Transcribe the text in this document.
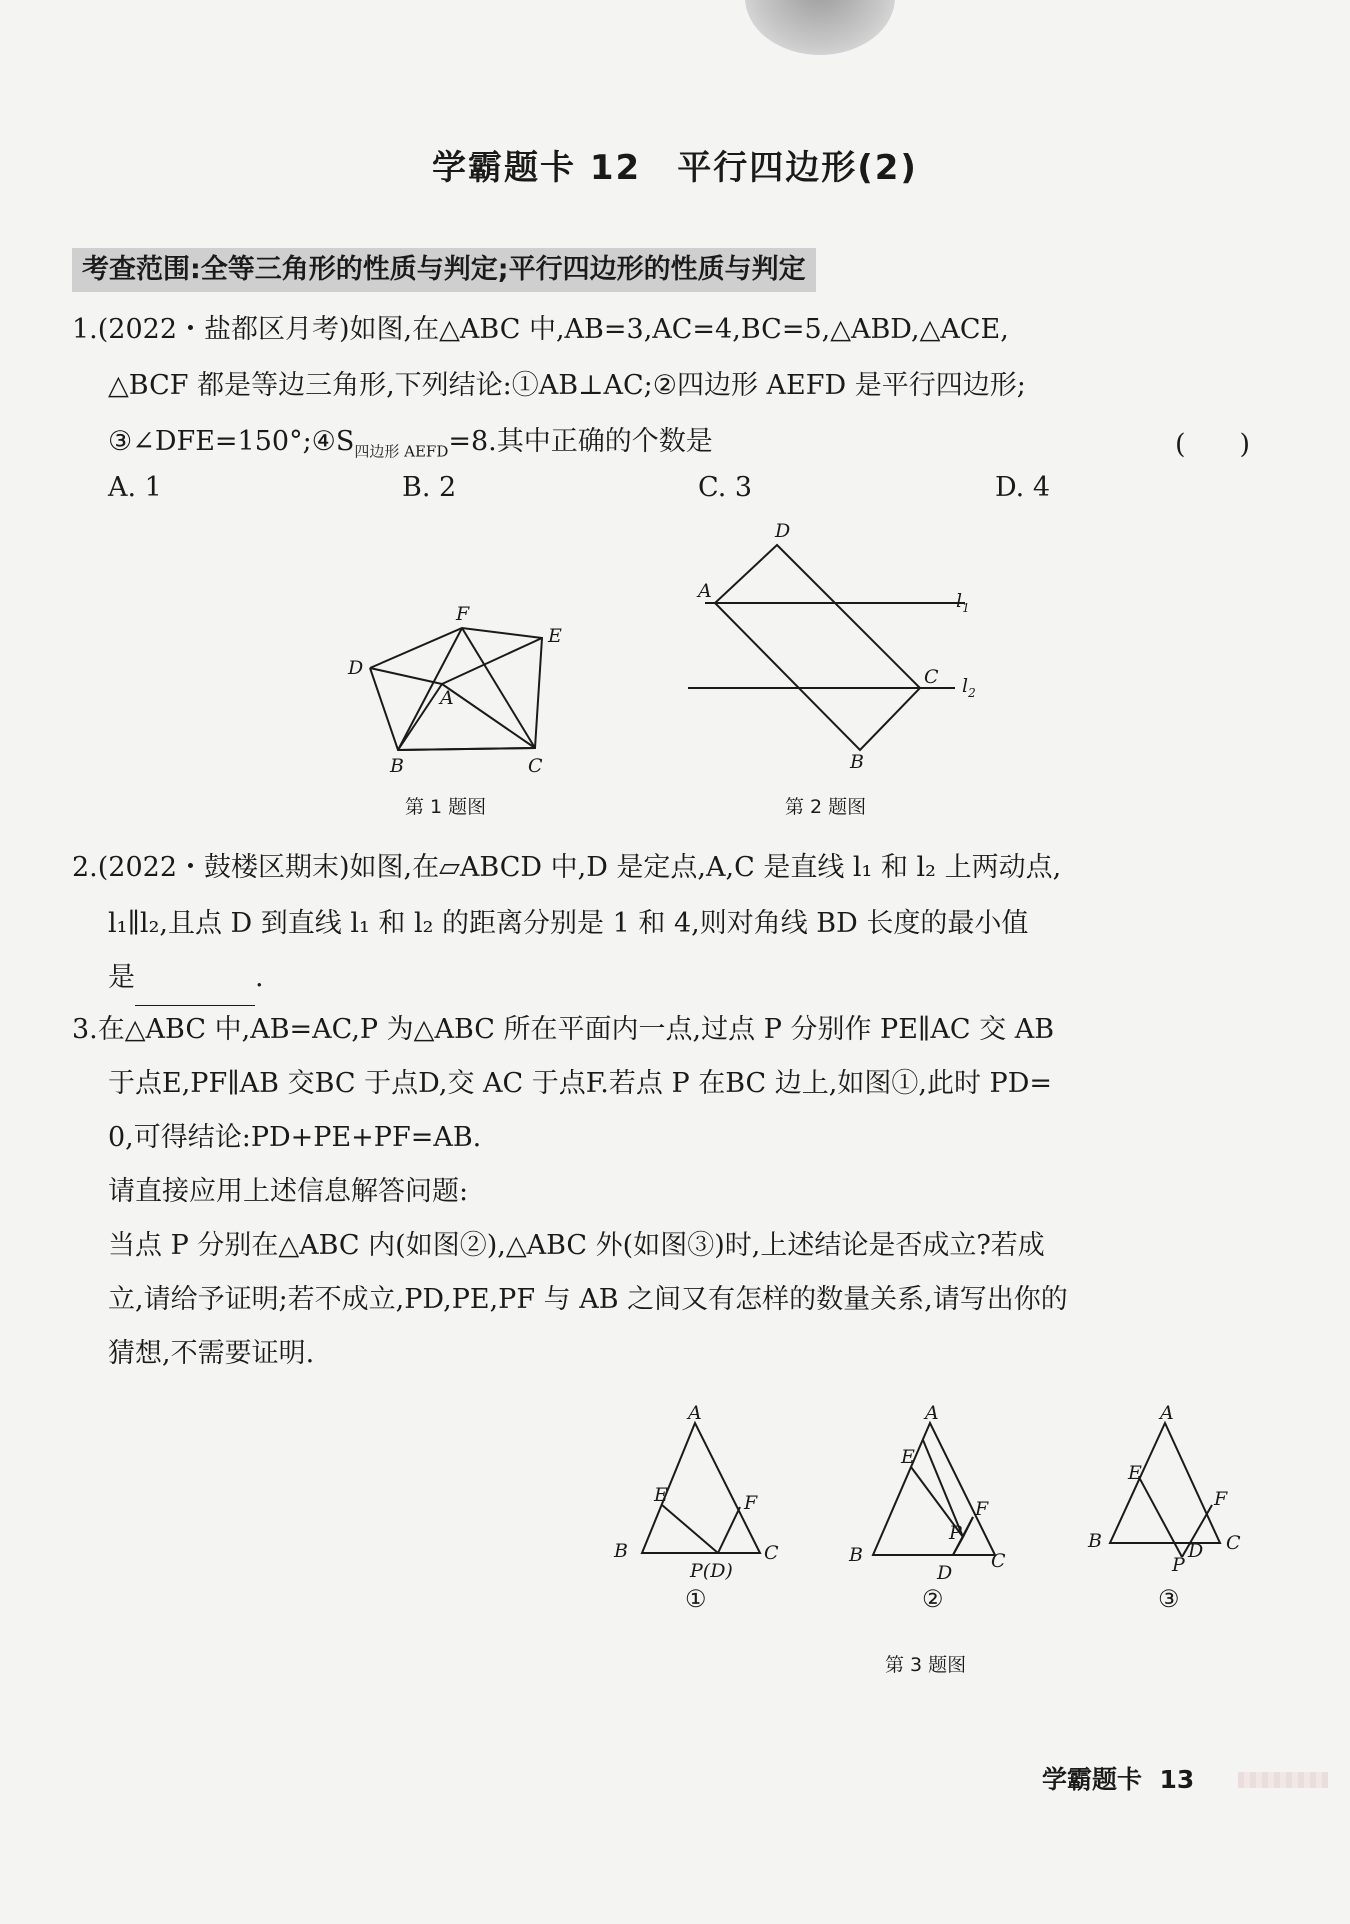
学霸题卡 12　平行四边形(2)
考查范围:全等三角形的性质与判定;平行四边形的性质与判定
1.(2022・盐都区月考)如图,在△ABC 中,AB=3,AC=4,BC=5,△ABD,△ACE,
△BCF 都是等边三角形,下列结论:①AB⊥AC;②四边形 AEFD 是平行四边形;
$③\angle DFE=150^\circ;④S_{四边形 AEFD}=8$.其中正确的个数是	(　　)
A. 1	B. 2	C. 3	D. 4
D
F
E
A
B	C
第 1 题图
D
A
C
B
$l_1$
$l_2$
第 2 题图
2.(2022・鼓楼区期末)如图,在▱ABCD 中,D 是定点,A,C 是直线 l₁ 和 l₂ 上两动点,
l₁∥l₂,且点 D 到直线 l₁ 和 l₂ 的距离分别是 1 和 4,则对角线 BD 长度的最小值
是	.
3.在△ABC 中,AB=AC,P 为△ABC 所在平面内一点,过点 P 分别作 PE∥AC 交 AB
于点E,PF∥AB 交BC 于点D,交 AC 于点F.若点 P 在BC 边上,如图①,此时 PD=
0,可得结论:PD+PE+PF=AB.
请直接应用上述信息解答问题:
当点 P 分别在△ABC 内(如图②),△ABC 外(如图③)时,上述结论是否成立?若成
立,请给予证明;若不成立,PD,PE,PF 与 AB 之间又有怎样的数量关系,请写出你的
猜想,不需要证明.
A
E	F
B	C
P(D)
①
A
E
F
P
B	C
D
②
A
E
F
B	C
D
P
③
第 3 题图
学霸题卡 13
